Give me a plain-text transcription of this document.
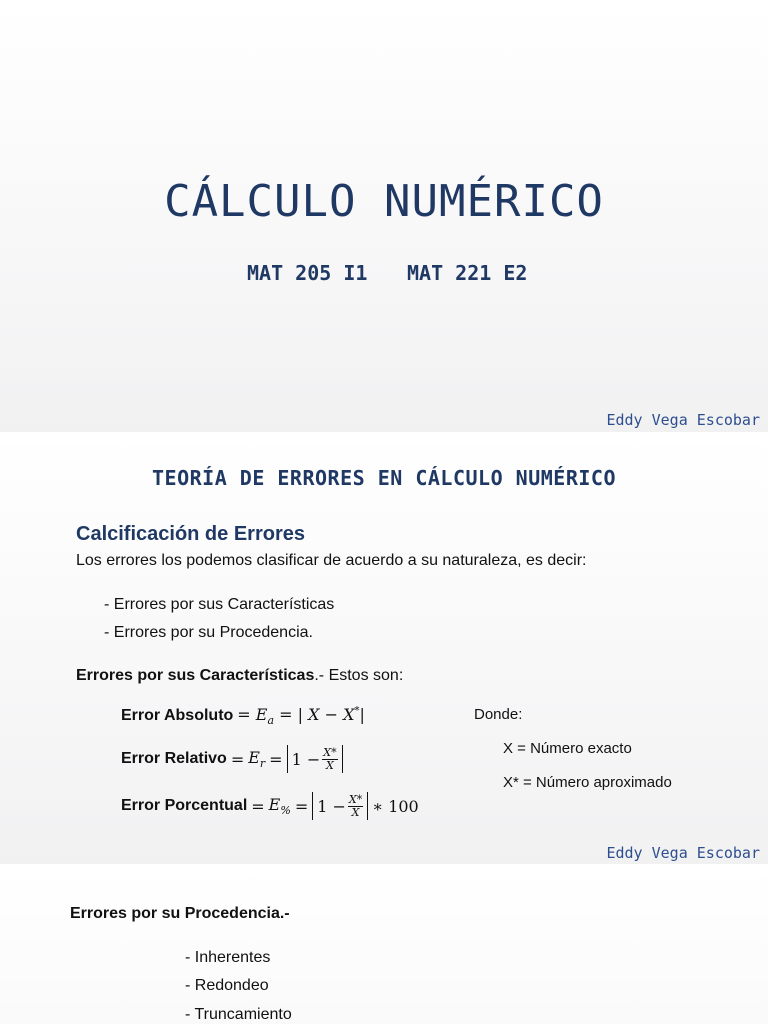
CÁLCULO NUMÉRICO
MAT 205 I1 MAT 221 E2
Eddy Vega Escobar
TEORÍA DE ERRORES EN CÁLCULO NUMÉRICO
Calcificación de Errores
Los errores los podemos clasificar de acuerdo a su naturaleza, es decir:
- Errores por sus Características
- Errores por su Procedencia.
Errores por sus Características.- Estos son:
Error Absoluto = $E_a$ = | X − X*|
Error Relativo = $E_r = 1 - \frac{X*}{X}$
Error Porcentual = $E_{\%} = 1 - \frac{X*}{X}$ ∗ 100
Donde:
X = Número exacto
X* = Número aproximado
Eddy Vega Escobar
Errores por su Procedencia.-
- Inherentes
- Redondeo
- Truncamiento
